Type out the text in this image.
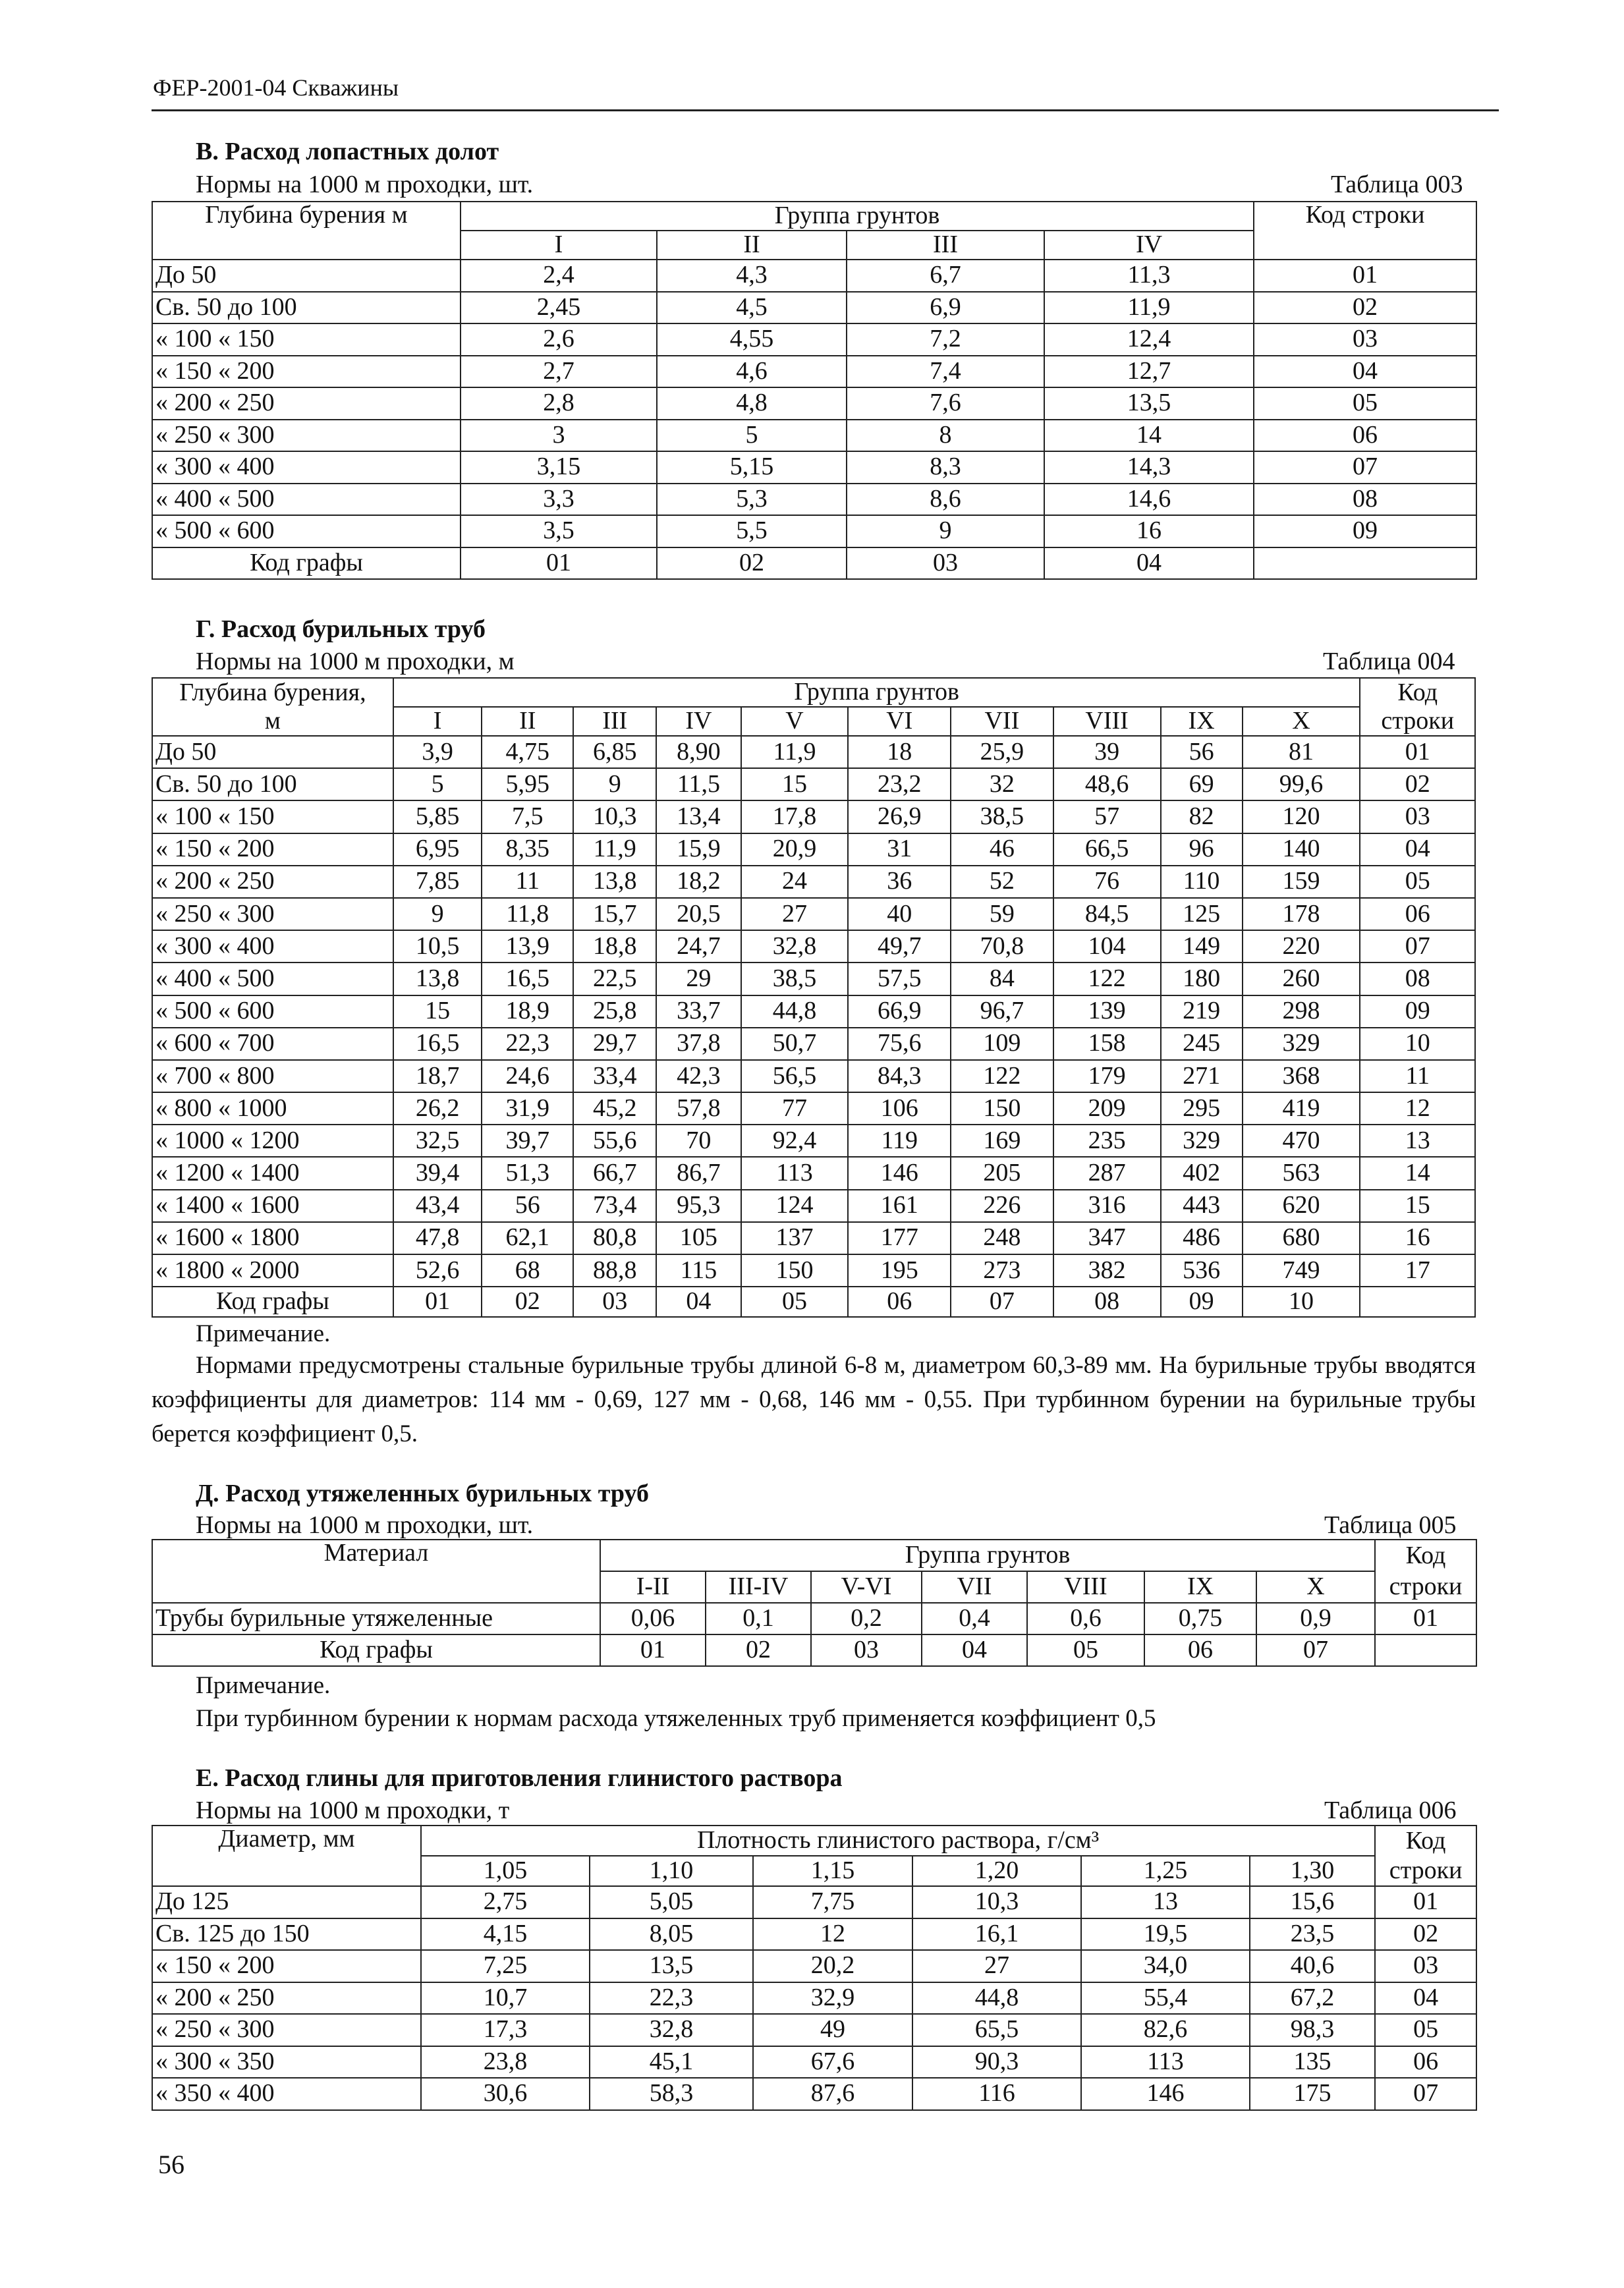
ФЕР-2001-04 Скважины
В. Расход лопастных долот
Нормы на 1000 м проходки, шт.	Таблица 003
Глубина бурения м	Группа грунтов				Код строки
	I	II	III	IV	
До 50	2,4	4,3	6,7	11,3	01
Св. 50 до 100	2,45	4,5	6,9	11,9	02
« 100 « 150	2,6	4,55	7,2	12,4	03
« 150 « 200	2,7	4,6	7,4	12,7	04
« 200 « 250	2,8	4,8	7,6	13,5	05
« 250 « 300	3	5	8	14	06
« 300 « 400	3,15	5,15	8,3	14,3	07
« 400 « 500	3,3	5,3	8,6	14,6	08
« 500 « 600	3,5	5,5	9	16	09
Код графы	01	02	03	04	
Г. Расход бурильных труб
Нормы на 1000 м проходки, м	Таблица 004
Глубина бурения,	Группа грунтов										Код
м	I	II	III	IV	V	VI	VII	VIII	IX	X	строки
До 50	3,9	4,75	6,85	8,90	11,9	18	25,9	39	56	81	01
Св. 50 до 100	5	5,95	9	11,5	15	23,2	32	48,6	69	99,6	02
« 100 « 150	5,85	7,5	10,3	13,4	17,8	26,9	38,5	57	82	120	03
« 150 « 200	6,95	8,35	11,9	15,9	20,9	31	46	66,5	96	140	04
« 200 « 250	7,85	11	13,8	18,2	24	36	52	76	110	159	05
« 250 « 300	9	11,8	15,7	20,5	27	40	59	84,5	125	178	06
« 300 « 400	10,5	13,9	18,8	24,7	32,8	49,7	70,8	104	149	220	07
« 400 « 500	13,8	16,5	22,5	29	38,5	57,5	84	122	180	260	08
« 500 « 600	15	18,9	25,8	33,7	44,8	66,9	96,7	139	219	298	09
« 600 « 700	16,5	22,3	29,7	37,8	50,7	75,6	109	158	245	329	10
« 700 « 800	18,7	24,6	33,4	42,3	56,5	84,3	122	179	271	368	11
« 800 « 1000	26,2	31,9	45,2	57,8	77	106	150	209	295	419	12
« 1000 « 1200	32,5	39,7	55,6	70	92,4	119	169	235	329	470	13
« 1200 « 1400	39,4	51,3	66,7	86,7	113	146	205	287	402	563	14
« 1400 « 1600	43,4	56	73,4	95,3	124	161	226	316	443	620	15
« 1600 « 1800	47,8	62,1	80,8	105	137	177	248	347	486	680	16
« 1800 « 2000	52,6	68	88,8	115	150	195	273	382	536	749	17
Код графы	01	02	03	04	05	06	07	08	09	10	
Примечание.
Нормами предусмотрены стальные бурильные трубы длиной 6-8 м, диаметром 60,3-89 мм. На бурильные трубы вводятся коэффициенты для диаметров: 114 мм - 0,69, 127 мм - 0,68, 146 мм - 0,55. При турбинном бурении на бурильные трубы берется коэффициент 0,5.
Д. Расход утяжеленных бурильных труб
Нормы на 1000 м проходки, шт.	Таблица 005
Материал	Группа грунтов							Код
	I-II	III-IV	V-VI	VII	VIII	IX	X	строки
Трубы бурильные утяжеленные	0,06	0,1	0,2	0,4	0,6	0,75	0,9	01
Код графы	01	02	03	04	05	06	07	
Примечание.
При турбинном бурении к нормам расхода утяжеленных труб применяется коэффициент 0,5
Е. Расход глины для приготовления глинистого раствора
Нормы на 1000 м проходки, т	Таблица 006
Диаметр, мм	Плотность глинистого раствора, г/см³						Код
	1,05	1,10	1,15	1,20	1,25	1,30	строки
До 125	2,75	5,05	7,75	10,3	13	15,6	01
Св. 125 до 150	4,15	8,05	12	16,1	19,5	23,5	02
« 150 « 200	7,25	13,5	20,2	27	34,0	40,6	03
« 200 « 250	10,7	22,3	32,9	44,8	55,4	67,2	04
« 250 « 300	17,3	32,8	49	65,5	82,6	98,3	05
« 300 « 350	23,8	45,1	67,6	90,3	113	135	06
« 350 « 400	30,6	58,3	87,6	116	146	175	07
56
